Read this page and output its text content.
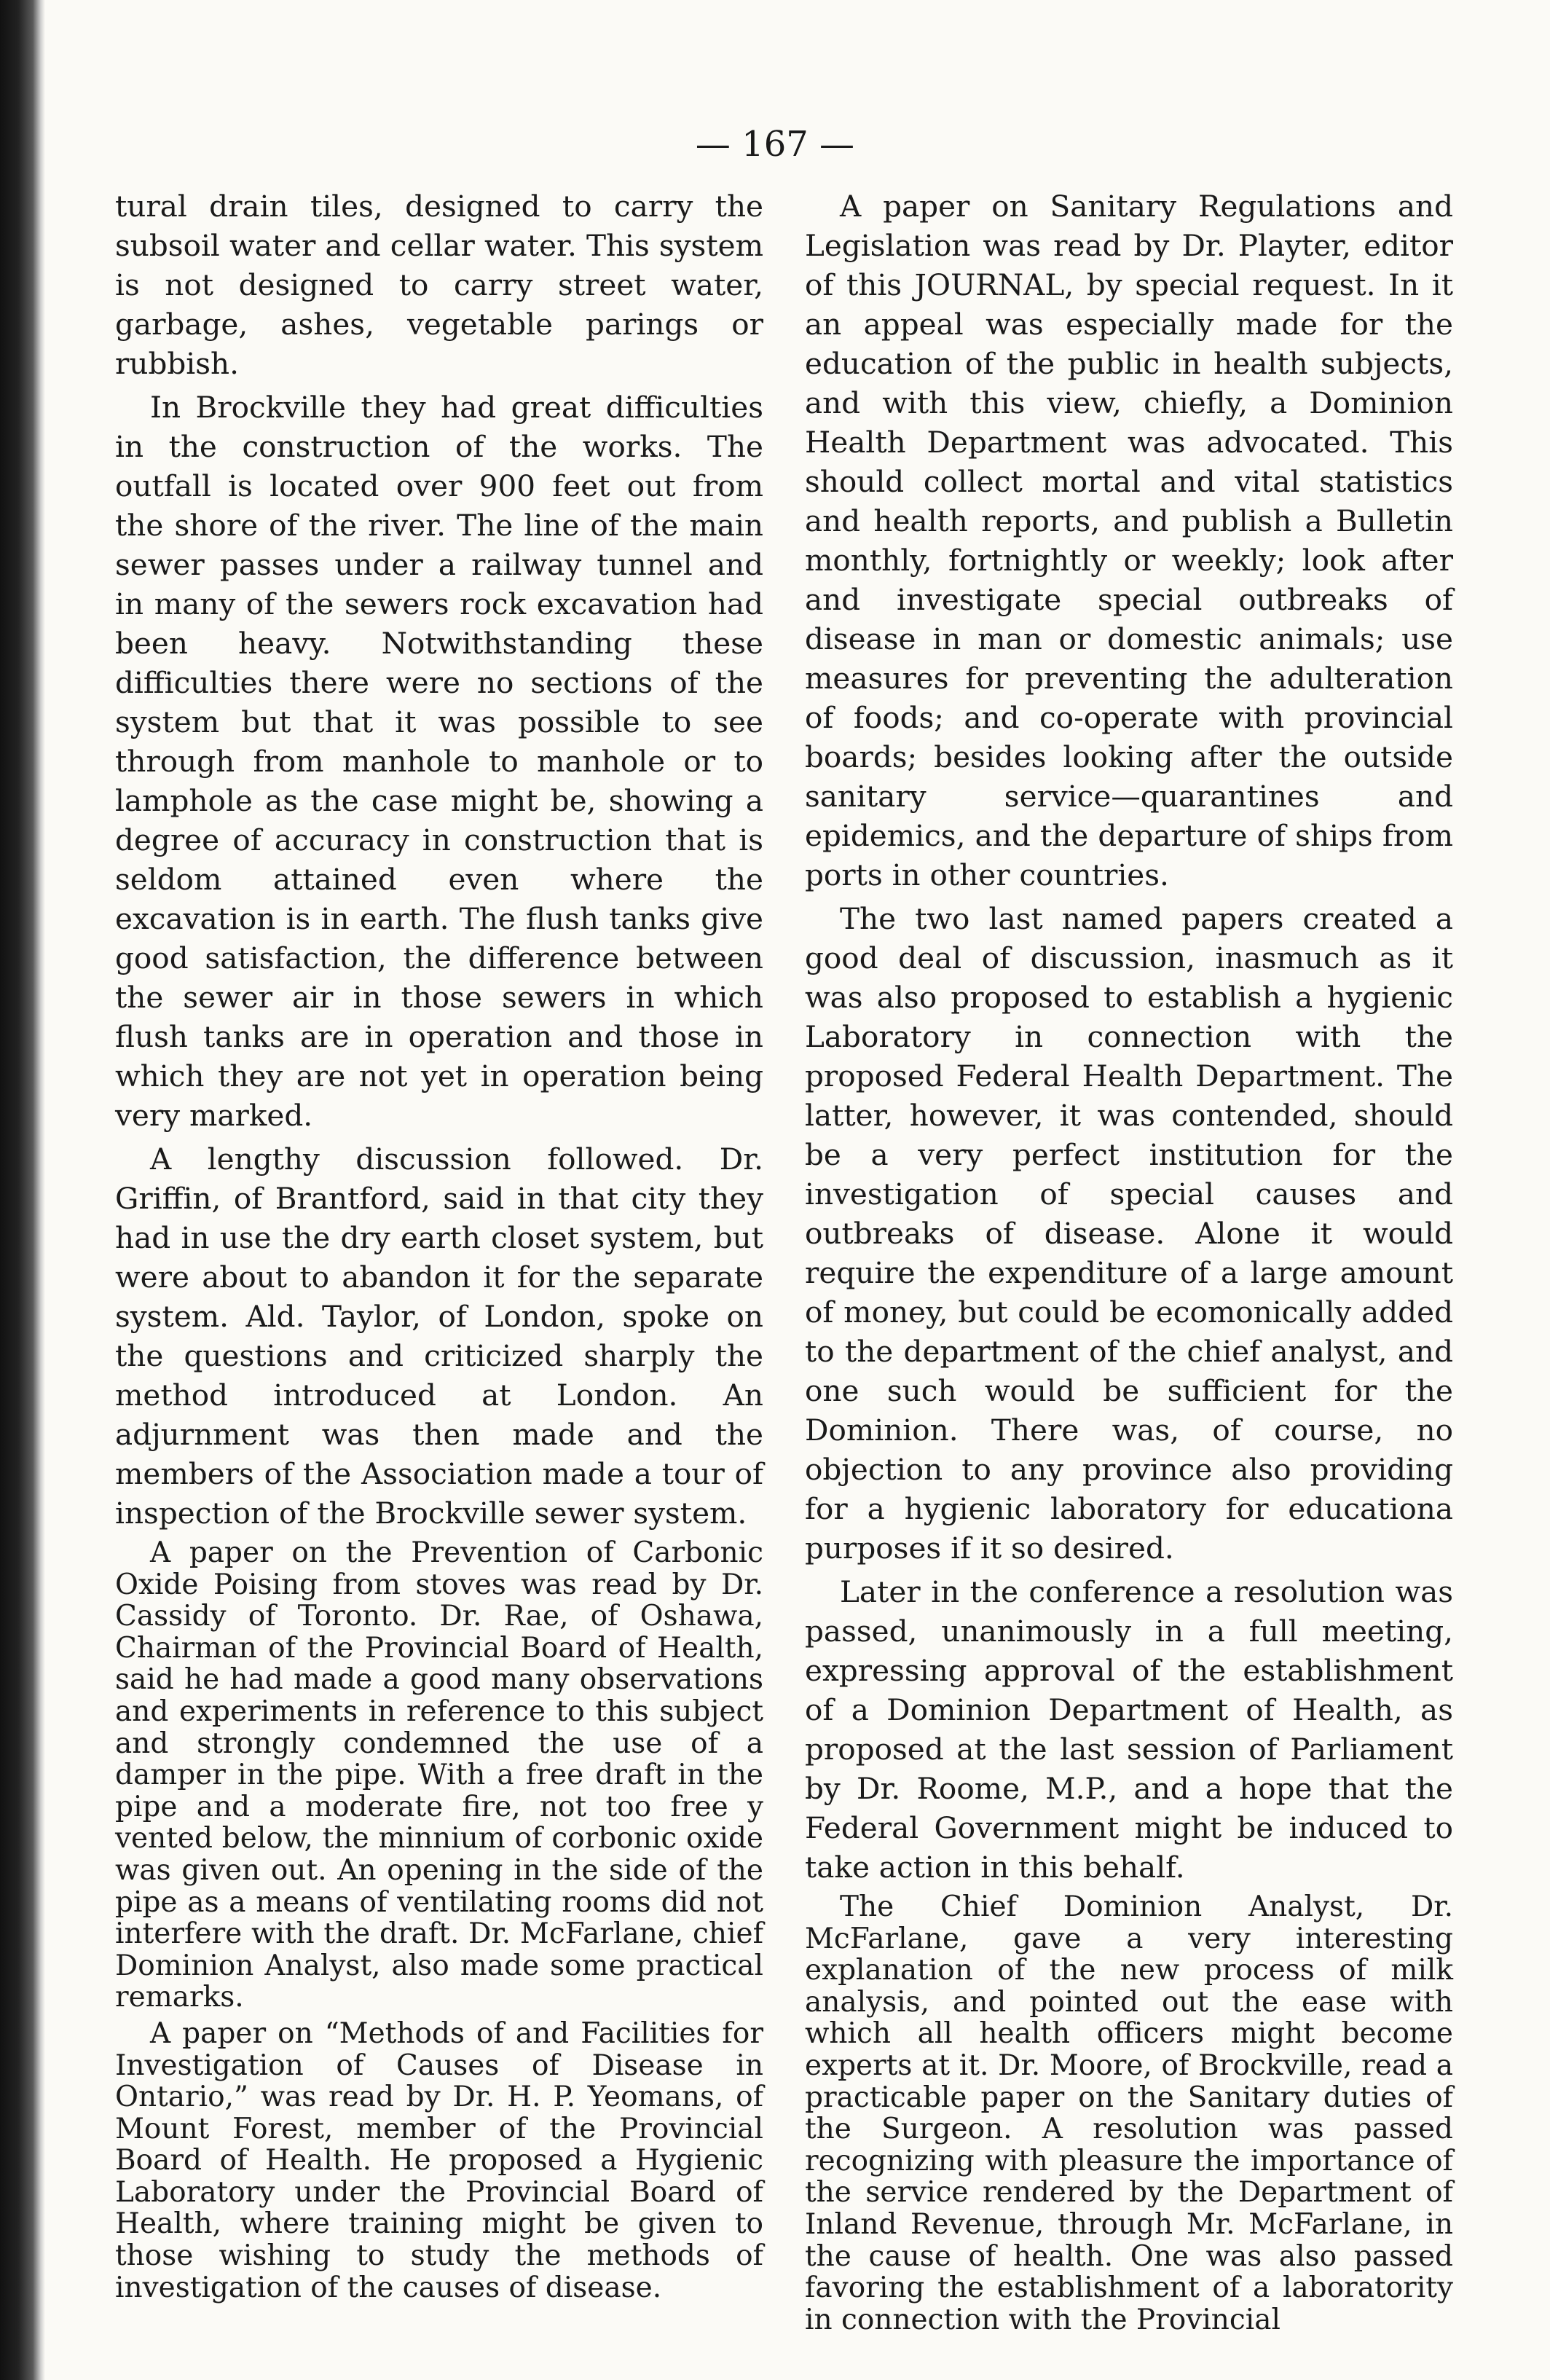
— 167 —

tural drain tiles, designed to carry the subsoil water and cellar water. This system is not designed to carry street water, garbage, ashes, vegetable parings or rubbish.

In Brockville they had great difficulties in the construction of the works. The outfall is located over 900 feet out from the shore of the river. The line of the main sewer passes under a railway tunnel and in many of the sewers rock excavation had been heavy. Notwithstanding these difficulties there were no sections of the system but that it was possible to see through from manhole to manhole or to lamphole as the case might be, showing a degree of accuracy in construction that is seldom attained even where the excavation is in earth. The flush tanks give good satisfaction, the difference between the sewer air in those sewers in which flush tanks are in operation and those in which they are not yet in operation being very marked.

A lengthy discussion followed. Dr. Griffin, of Brantford, said in that city they had in use the dry earth closet system, but were about to abandon it for the separate system. Ald. Taylor, of London, spoke on the questions and criticized sharply the method introduced at London. An adjurnment was then made and the members of the Association made a tour of inspection of the Brockville sewer system.

A paper on the Prevention of Carbonic Oxide Poising from stoves was read by Dr. Cassidy of Toronto. Dr. Rae, of Oshawa, Chairman of the Provincial Board of Health, said he had made a good many observations and experiments in reference to this subject and strongly condemned the use of a damper in the pipe. With a free draft in the pipe and a moderate fire, not too free y vented below, the minnium of corbonic oxide was given out. An opening in the side of the pipe as a means of ventilating rooms did not interfere with the draft. Dr. McFarlane, chief Dominion Analyst, also made some practical remarks.

A paper on “Methods of and Facilities for Investigation of Causes of Disease in Ontario,” was read by Dr. H. P. Yeomans, of Mount Forest, member of the Provincial Board of Health. He proposed a Hygienic Laboratory under the Provincial Board of Health, where training might be given to those wishing to study the methods of investigation of the causes of disease.

A paper on Sanitary Regulations and Legislation was read by Dr. Playter, editor of this JOURNAL, by special request. In it an appeal was especially made for the education of the public in health subjects, and with this view, chiefly, a Dominion Health Department was advocated. This should collect mortal and vital statistics and health reports, and publish a Bulletin monthly, fortnightly or weekly; look after and investigate special outbreaks of disease in man or domestic animals; use measures for preventing the adulteration of foods; and co-operate with provincial boards; besides looking after the outside sanitary service—quarantines and epidemics, and the departure of ships from ports in other countries.

The two last named papers created a good deal of discussion, inasmuch as it was also proposed to establish a hygienic Laboratory in connection with the proposed Federal Health Department. The latter, however, it was contended, should be a very perfect institution for the investigation of special causes and outbreaks of disease. Alone it would require the expenditure of a large amount of money, but could be ecomonically added to the department of the chief analyst, and one such would be sufficient for the Dominion. There was, of course, no objection to any province also providing for a hygienic laboratory for educationa purposes if it so desired.

Later in the conference a resolution was passed, unanimously in a full meeting, expressing approval of the establishment of a Dominion Department of Health, as proposed at the last session of Parliament by Dr. Roome, M.P., and a hope that the Federal Government might be induced to take action in this behalf.

The Chief Dominion Analyst, Dr. McFarlane, gave a very interesting explanation of the new process of milk analysis, and pointed out the ease with which all health officers might become experts at it. Dr. Moore, of Brockville, read a practicable paper on the Sanitary duties of the Surgeon. A resolution was passed recognizing with pleasure the importance of the service rendered by the Department of Inland Revenue, through Mr. McFarlane, in the cause of health. One was also passed favoring the establishment of a laboratority in connection with the Provincial
